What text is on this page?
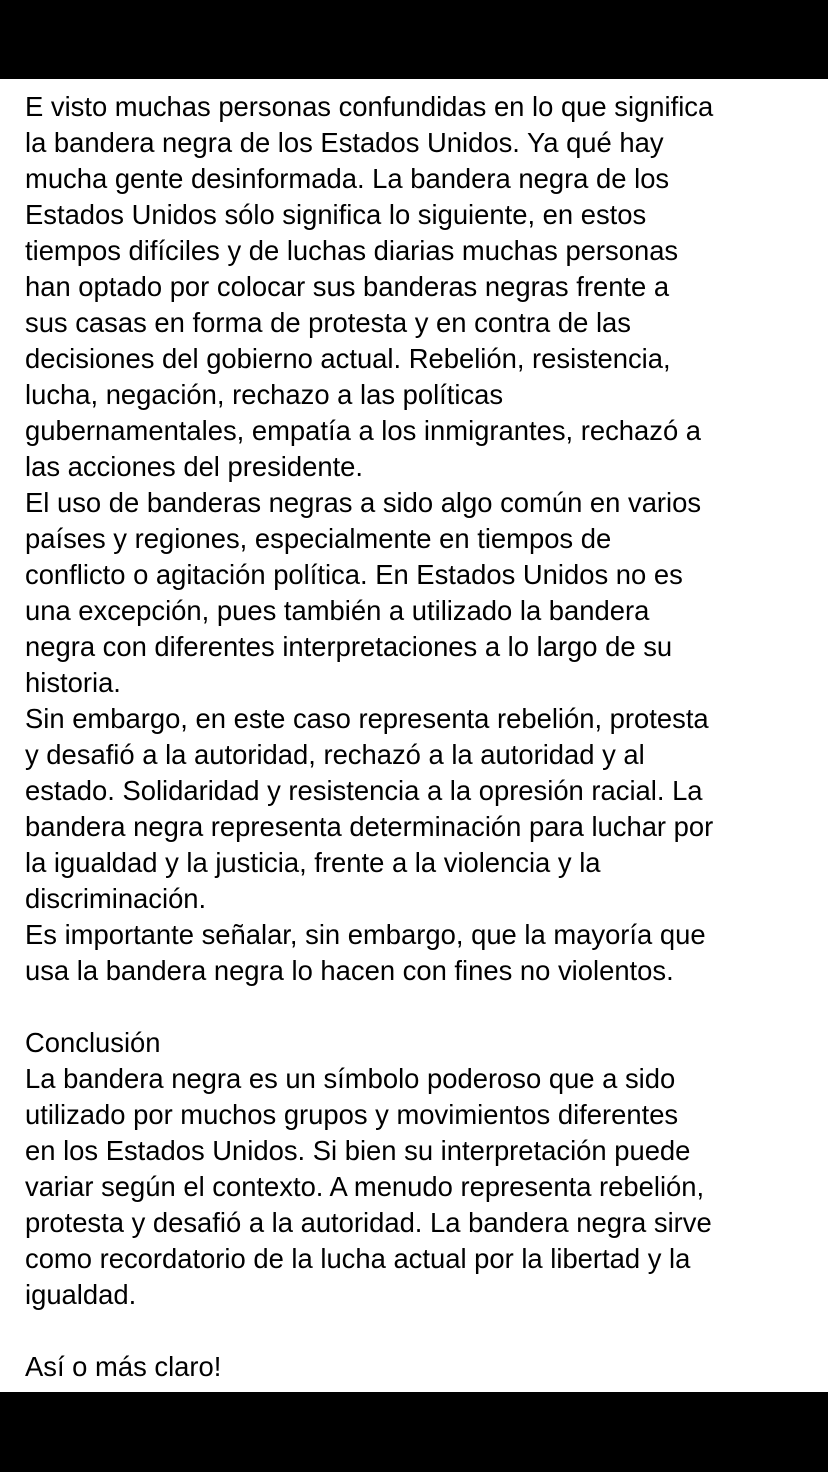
E visto muchas personas confundidas en lo que significa

la bandera negra de los Estados Unidos. Ya qué hay

mucha gente desinformada. La bandera negra de los

Estados Unidos sólo significa lo siguiente, en estos

tiempos difíciles y de luchas diarias muchas personas

han optado por colocar sus banderas negras frente a

sus casas en forma de protesta y en contra de las

decisiones del gobierno actual. Rebelión, resistencia,

lucha, negación, rechazo a las políticas

gubernamentales, empatía a los inmigrantes, rechazó a

las acciones del presidente.

El uso de banderas negras a sido algo común en varios

países y regiones, especialmente en tiempos de

conflicto o agitación política. En Estados Unidos no es

una excepción, pues también a utilizado la bandera

negra con diferentes interpretaciones a lo largo de su

historia.

Sin embargo, en este caso representa rebelión, protesta

y desafió a la autoridad, rechazó a la autoridad y al

estado. Solidaridad y resistencia a la opresión racial. La

bandera negra representa determinación para luchar por

la igualdad y la justicia, frente a la violencia y la

discriminación.

Es importante señalar, sin embargo, que la mayoría que

usa la bandera negra lo hacen con fines no violentos.

Conclusión

La bandera negra es un símbolo poderoso que a sido

utilizado por muchos grupos y movimientos diferentes

en los Estados Unidos. Si bien su interpretación puede

variar según el contexto. A menudo representa rebelión,

protesta y desafió a la autoridad. La bandera negra sirve

como recordatorio de la lucha actual por la libertad y la

igualdad.

Así o más claro!
